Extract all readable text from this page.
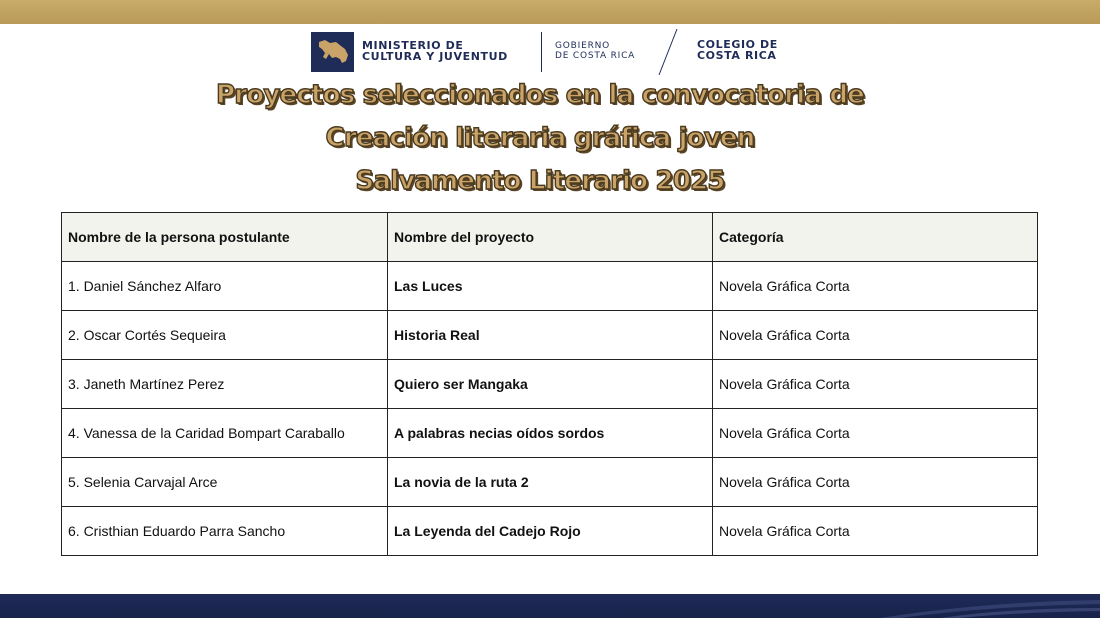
MINISTERIO DE
CULTURA Y JUVENTUD
GOBIERNO
DE COSTA RICA
COLEGIO DE
COSTA RICA
Proyectos seleccionados en la convocatoria de
Creación literaria gráfica joven
Salvamento Literario 2025
Nombre de la persona postulante	Nombre del proyecto	Categoría
1. Daniel Sánchez Alfaro	Las Luces	Novela Gráfica Corta
2. Oscar Cortés Sequeira	Historia Real	Novela Gráfica Corta
3. Janeth Martínez Perez	Quiero ser Mangaka	Novela Gráfica Corta
4. Vanessa de la Caridad Bompart Caraballo	A palabras necias oídos sordos	Novela Gráfica Corta
5. Selenia Carvajal Arce	La novia de la ruta 2	Novela Gráfica Corta
6. Cristhian Eduardo Parra Sancho	La Leyenda del Cadejo Rojo	Novela Gráfica Corta
